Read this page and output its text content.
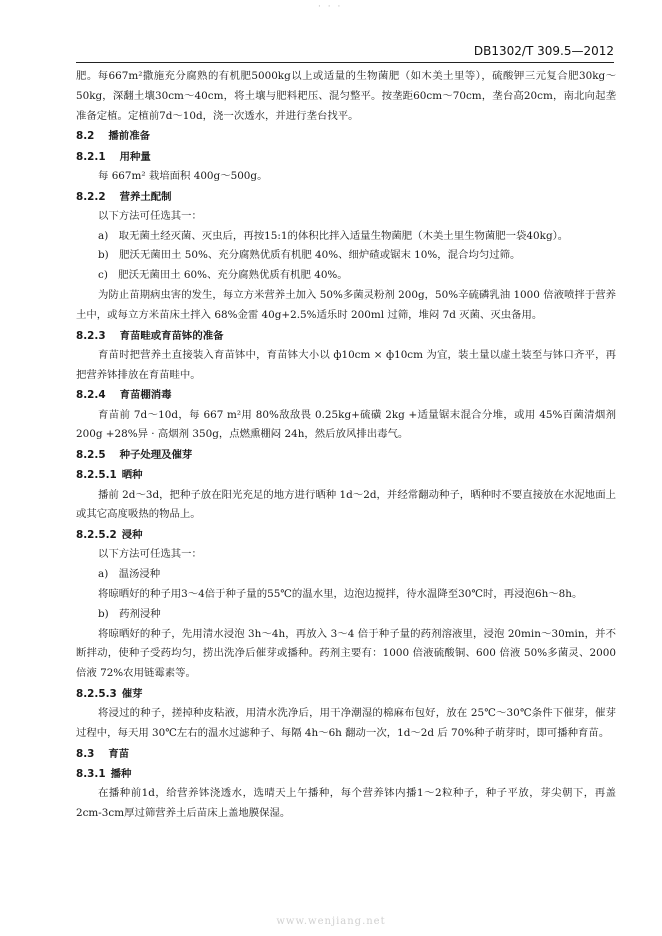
· · ·
DB1302/T 309.5—2012

肥。每667m²撒施充分腐熟的有机肥5000kg以上或适量的生物菌肥（如木美土里等），硫酸钾三元复合肥30kg～50kg，深翻土壤30cm～40cm，将土壤与肥料耙压、混匀整平。按垄距60cm～70cm，垄台高20cm，南北向起垄准备定植。定植前7d～10d，浇一次透水，并进行垄台找平。

8.2 播前准备

8.2.1 用种量

每 667m² 栽培面积 400g～500g。

8.2.2 营养土配制

以下方法可任选其一：

a)　取无菌土经灭菌、灭虫后，再按15:1的体积比拌入适量生物菌肥（木美土里生物菌肥一袋40kg）。

b)　肥沃无菌田土 50%、充分腐熟优质有机肥 40%、细炉碴或锯末 10%，混合均匀过筛。

c)　肥沃无菌田土 60%、充分腐熟优质有机肥 40%。

为防止苗期病虫害的发生，每立方米营养土加入 50%多菌灵粉剂 200g，50%辛硫磷乳油 1000 倍液喷拌于营养土中，或每立方米苗床土拌入 68%金雷 40g+2.5%适乐时 200ml 过筛，堆闷 7d 灭菌、灭虫备用。

8.2.3 育苗畦或育苗钵的准备

育苗时把营养土直接装入育苗钵中，育苗钵大小以 ф10cm × ф10cm 为宜，装土量以虚土装至与钵口齐平，再把营养钵排放在育苗畦中。

8.2.4 育苗棚消毒

育苗前 7d～10d，每 667 m²用 80%敌敌畏 0.25kg+硫磺 2kg +适量锯末混合分堆，或用 45%百菌清烟剂 200g +28%异 · 高烟剂 350g，点燃熏棚闷 24h，然后放风排出毒气。

8.2.5 种子处理及催芽

8.2.5.1 晒种

播前 2d～3d，把种子放在阳光充足的地方进行晒种 1d～2d，并经常翻动种子，晒种时不要直接放在水泥地面上或其它高度吸热的物品上。

8.2.5.2 浸种

以下方法可任选其一：

a)　温汤浸种

将晾晒好的种子用3～4倍于种子量的55℃的温水里，边泡边搅拌，待水温降至30℃时，再浸泡6h～8h。

b)　药剂浸种

将晾晒好的种子，先用清水浸泡 3h～4h，再放入 3～4 倍于种子量的药剂溶液里，浸泡 20min～30min，并不断拌动，使种子受药均匀，捞出洗净后催芽或播种。药剂主要有：1000 倍液硫酸铜、600 倍液 50%多菌灵、2000 倍液 72%农用链霉素等。

8.2.5.3 催芽

将浸过的种子，搓掉种皮粘液，用清水洗净后，用干净潮湿的棉麻布包好，放在 25℃～30℃条件下催芽，催芽过程中，每天用 30℃左右的温水过滤种子、每隔 4h～6h 翻动一次，1d～2d 后 70%种子萌芽时，即可播种育苗。

8.3 育苗

8.3.1 播种

在播种前1d，给营养钵浇透水，选晴天上午播种，每个营养钵内播1～2粒种子，种子平放，芽尖朝下，再盖2cm-3cm厚过筛营养土后苗床上盖地膜保湿。

www.wenjiang.net
